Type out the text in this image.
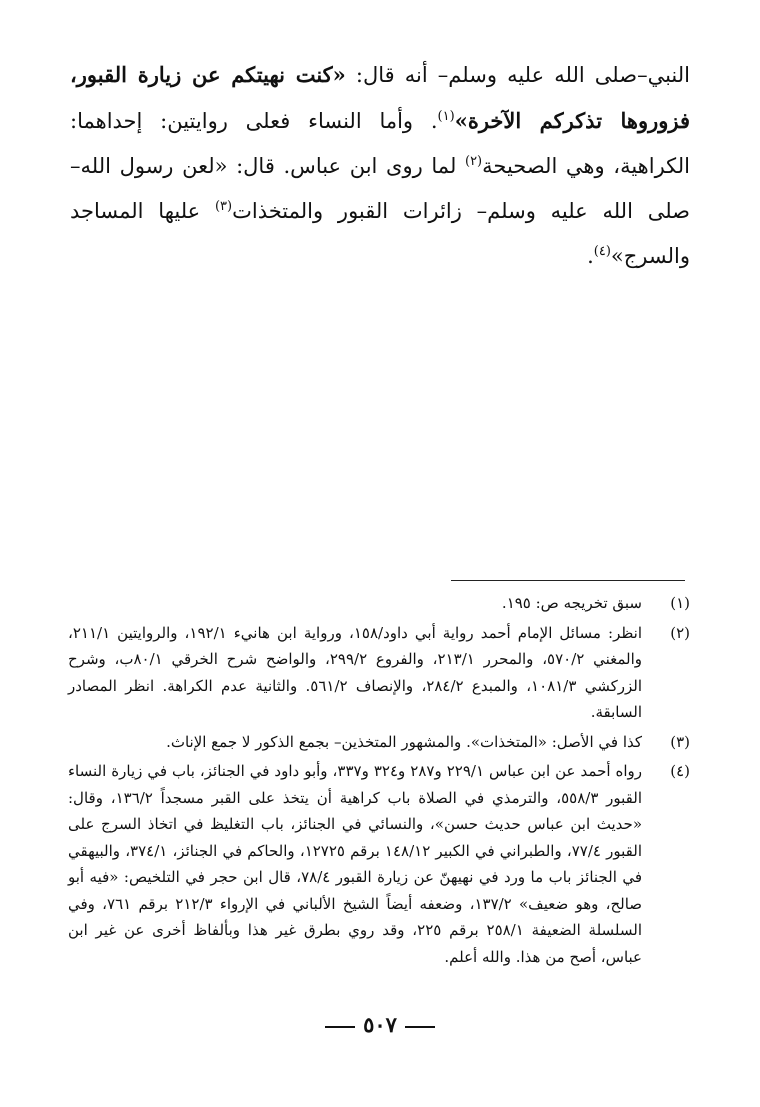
النبي–صلى الله عليه وسلم– أنه قال: «كنت نهيتكم عن زيارة القبور، فزوروها تذكركم الآخرة»$^{(١)}$. وأما النساء فعلى روايتين: إحداهما: الكراهية، وهي الصحيحة$^{(٢)}$ لما روى ابن عباس. قال: «لعن رسول الله– صلى الله عليه وسلم– زائرات القبور والمتخذات$^{(٣)}$ عليها المساجد والسرج»$^{(٤)}$.

(١)
سبق تخريجه ص: ١٩٥.
(٢)
انظر: مسائل الإمام أحمد رواية أبي داود/١٥٨، ورواية ابن هانيء ١٩٢/١، والروايتين ٢١١/١، والمغني ٥٧٠/٢، والمحرر ٢١٣/١، والفروع ٢٩٩/٢، والواضح شرح الخرقي ٨٠/١ب، وشرح الزركشي ١٠٨١/٣، والمبدع ٢٨٤/٢، والإنصاف ٥٦١/٢. والثانية عدم الكراهة. انظر المصادر السابقة.
(٣)
كذا في الأصل: «المتخذات». والمشهور المتخذين– بجمع الذكور لا جمع الإناث.
(٤)
رواه أحمد عن ابن عباس ٢٢٩/١ و٢٨٧ و٣٢٤ و٣٣٧، وأبو داود في الجنائز، باب في زيارة النساء القبور ٥٥٨/٣، والترمذي في الصلاة باب كراهية أن يتخذ على القبر مسجداً ١٣٦/٢، وقال: «حديث ابن عباس حديث حسن»، والنسائي في الجنائز، باب التغليظ في اتخاذ السرج على القبور ٧٧/٤، والطبراني في الكبير ١٤٨/١٢ برقم ١٢٧٢٥، والحاكم في الجنائز، ٣٧٤/١، والبيهقي في الجنائز باب ما ورد في نهيهنّ عن زيارة القبور ٧٨/٤، قال ابن حجر في التلخيص: «فيه أبو صالح، وهو ضعيف» ١٣٧/٢، وضعفه أيضاً الشيخ الألباني في الإرواء ٢١٢/٣ برقم ٧٦١، وفي السلسلة الضعيفة ٢٥٨/١ برقم ٢٢٥، وقد روي بطرق غير هذا وبألفاظ أخرى عن غير ابن عباس، أصح من هذا. والله أعلم.
٥٠٧
